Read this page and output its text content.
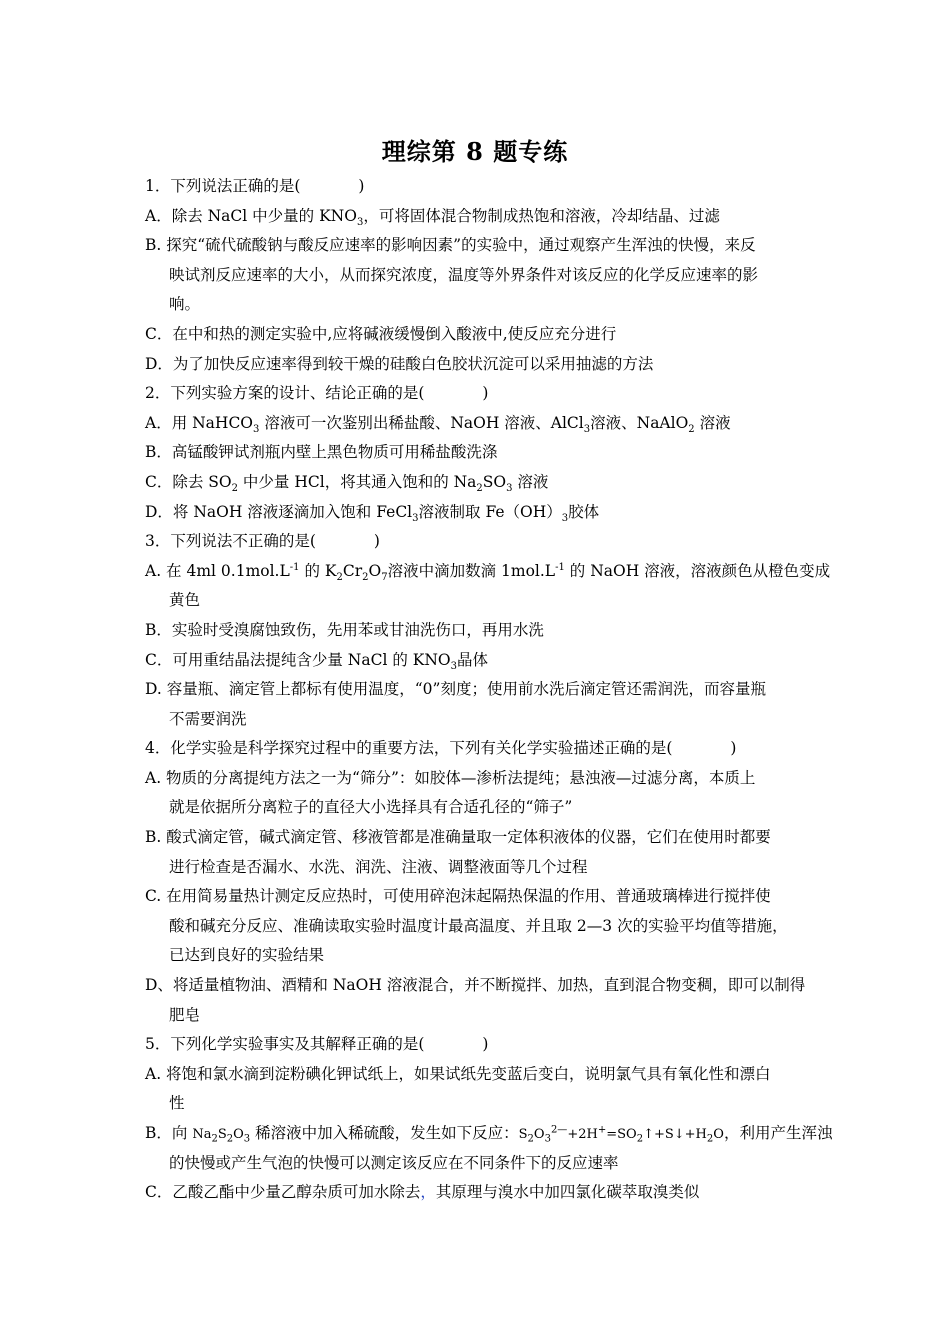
理综第 8 题专练
1．下列说法正确的是(	)
A．除去 NaCl 中少量的 $KNO_3$，可将固体混合物制成热饱和溶液，冷却结晶、过滤
B. 探究“硫代硫酸钠与酸反应速率的影响因素”的实验中，通过观察产生浑浊的快慢，来反
映试剂反应速率的大小，从而探究浓度，温度等外界条件对该反应的化学反应速率的影
响。
C．在中和热的测定实验中,应将碱液缓慢倒入酸液中,使反应充分进行
D．为了加快反应速率得到较干燥的硅酸白色胶状沉淀可以采用抽滤的方法
2．下列实验方案的设计、结论正确的是(	)
A．用 NaHCO$_3$ 溶液可一次鉴别出稀盐酸、NaOH 溶液、AlCl$_3$溶液、NaAlO$_2$ 溶液
B．高锰酸钾试剂瓶内壁上黑色物质可用稀盐酸洗涤
C．除去 $SO_2$ 中少量 HCl，将其通入饱和的 $Na_2SO_3$ 溶液
D．将 NaOH 溶液逐滴加入饱和 FeCl$_3$溶液制取 $Fe(OH)_3$胶体
3．下列说法不正确的是(	)
A. 在 4ml $0.1mol.L^{-1}$ 的 $K_2Cr_2O_7$溶液中滴加数滴 $1mol.L^{-1}$ 的 NaOH 溶液，溶液颜色从橙色变成
黄色
B．实验时受溴腐蚀致伤，先用苯或甘油洗伤口，再用水洗
C．可用重结晶法提纯含少量 NaCl 的 $KNO_3$晶体
D. 容量瓶、滴定管上都标有使用温度，“0”刻度；使用前水洗后滴定管还需润洗，而容量瓶
不需要润洗
4．化学实验是科学探究过程中的重要方法，下列有关化学实验描述正确的是(	)
A. 物质的分离提纯方法之一为“筛分”：如胶体—渗析法提纯；悬浊液—过滤分离，本质上
就是依据所分离粒子的直径大小选择具有合适孔径的“筛子”
B. 酸式滴定管，碱式滴定管、移液管都是准确量取一定体积液体的仪器，它们在使用时都要
进行检查是否漏水、水洗、润洗、注液、调整液面等几个过程
C. 在用简易量热计测定反应热时，可使用碎泡沫起隔热保温的作用、普通玻璃棒进行搅拌使
酸和碱充分反应、准确读取实验时温度计最高温度、并且取 2—3 次的实验平均值等措施，
已达到良好的实验结果
D、将适量植物油、酒精和 NaOH 溶液混合，并不断搅拌、加热，直到混合物变稠，即可以制得
肥皂
5．下列化学实验事实及其解释正确的是(	)
A. 将饱和氯水滴到淀粉碘化钾试纸上，如果试纸先变蓝后变白，说明氯气具有氧化性和漂白
性
B．向 $Na_2S_2O_3$ 稀溶液中加入稀硫酸，发生如下反应：$S_2O_3^{2—}+2H^+=SO_2↑+S↓+H_2O$，利用产生浑浊
的快慢或产生气泡的快慢可以测定该反应在不同条件下的反应速率
C．乙酸乙酯中少量乙醇杂质可加水除去，其原理与溴水中加四氯化碳萃取溴类似
